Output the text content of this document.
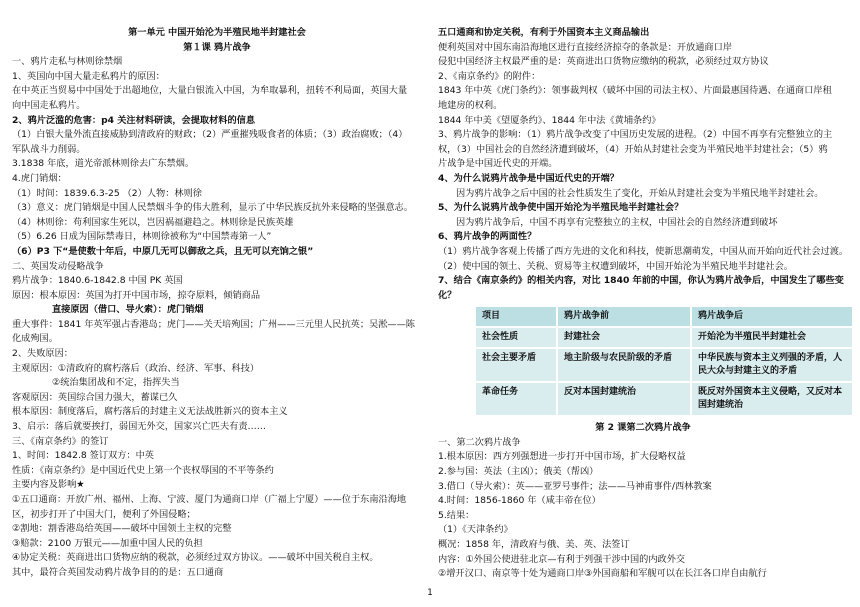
第一单元 中国开始沦为半殖民地半封建社会
第１课 鸦片战争
一、鸦片走私与林则徐禁烟
1、英国向中国大量走私鸦片的原因：
在中英正当贸易中中国处于出超地位，大量白银流入中国，为牟取暴利，扭转不利局面，英国大量
向中国走私鸦片。
2、鸦片泛滥的危害：p4 关注材料研读，会提取材料的信息
（1）白银大量外流直接威胁到清政府的财政；（2）严重摧残吸食者的体质；（3）政治腐败；（4）
军队战斗力削弱。
3.1838 年底，道光帝派林则徐去广东禁烟。
4.虎门销烟：
（1）时间：1839.6.3-25 （2）人物：林则徐
（3）意义：虎门销烟是中国人民禁烟斗争的伟大胜利，显示了中华民族反抗外来侵略的坚强意志。
（4）林则徐：苟利国家生死以，岂因祸福避趋之。林则徐是民族英雄
（5）6.26 日成为国际禁毒日，林则徐被称为“中国禁毒第一人”
（6）P3 下“是使数十年后，中原几无可以御敌之兵，且无可以充饷之银”
二、英国发动侵略战争
鸦片战争：1840.6-1842.8 中国 PK 英国
原因：根本原因：英国为打开中国市场，掠夺原料，倾销商品
直接原因（借口、导火索）：虎门销烟
重大事件：1841 年英军强占香港岛；虎门——关天培殉国；广州——三元里人民抗英；吴淞——陈
化成殉国。
2、失败原因：
主观原因：①清政府的腐朽落后（政治、经济、军事、科技）
②统治集团战和不定，指挥失当
客观原因：英国综合国力强大，蓄谋已久
根本原因：制度落后，腐朽落后的封建主义无法战胜新兴的资本主义
3、启示：落后就要挨打，弱国无外交，国家兴亡匹夫有责……
三、《南京条约》的签订
1、时间：1842.8 签订双方：中英
性质：《南京条约》是中国近代史上第一个丧权辱国的不平等条约
主要内容及影响★
①五口通商：开放广州、福州、上海、宁波、厦门为通商口岸（广福上宁厦）——位于东南沿海地
区，初步打开了中国大门，便利了外国侵略；
②割地：割香港岛给英国——破坏中国领土主权的完整
③赔款：2100 万银元——加重中国人民的负担
④协定关税：英商进出口货物应纳的税款，必须经过双方协议。——破坏中国关税自主权。
其中，最符合英国发动鸦片战争目的的是：五口通商
五口通商和协定关税，有利于外国资本主义商品输出
便利英国对中国东南沿海地区进行直接经济掠夺的条款是：开放通商口岸
侵犯中国经济主权最严重的是：英商进出口货物应缴纳的税款，必须经过双方协议
2、《南京条约》的附件：
1843 年中英《虎门条约》：领事裁判权（破坏中国的司法主权）、片面最惠国待遇、在通商口岸租
地建房的权利。
1844 年中美《望厦条约》、1844 年中法《黄埔条约》
3、鸦片战争的影响：（1）鸦片战争改变了中国历史发展的进程。（2）中国不再享有完整独立的主
权，（3）中国社会的自然经济遭到破坏，（4）开始从封建社会变为半殖民地半封建社会；（5）鸦
片战争是中国近代史的开端。
4、为什么说鸦片战争是中国近代史的开端？
因为鸦片战争之后中国的社会性质发生了变化，开始从封建社会变为半殖民地半封建社会。
5、为什么说鸦片战争使中国开始沦为半殖民地半封建社会？
因为鸦片战争后，中国不再享有完整独立的主权，中国社会的自然经济遭到破坏
6、鸦片战争的两面性？
（1）鸦片战争客观上传播了西方先进的文化和科技，使新思潮萌发，中国从而开始向近代社会过渡。
（2）使中国的领土、关税、贸易等主权遭到破坏，中国开始沦为半殖民地半封建社会。
7、结合《南京条约》的相关内容，对比 1840 年前的中国，你认为鸦片战争后，中国发生了哪些变
化？
项目	鸦片战争前	鸦片战争后
社会性质	封建社会	开始沦为半殖民半封建社会
社会主要矛盾	地主阶级与农民阶级的矛盾	中华民族与资本主义列强的矛盾，人民大众与封建主义的矛盾
革命任务	反对本国封建统治	既反对外国资本主义侵略，又反对本国封建统治
第 2 课第二次鸦片战争
一、第二次鸦片战争
1.根本原因：西方列强想进一步打开中国市场，扩大侵略权益
2.参与国：英法（主凶）；俄美（帮凶）
3.借口（导火索）：英——亚罗号事件；法——马神甫事件/西林教案
4.时间：1856-1860 年（咸丰帝在位）
5.结果：
（1）《天津条约》
概况：1858 年，清政府与俄、美、英、法签订
内容：①外国公使进驻北京—有利于列强干涉中国的内政外交
②增开汉口、南京等十处为通商口岸③外国商船和军舰可以在长江各口岸自由航行
1
